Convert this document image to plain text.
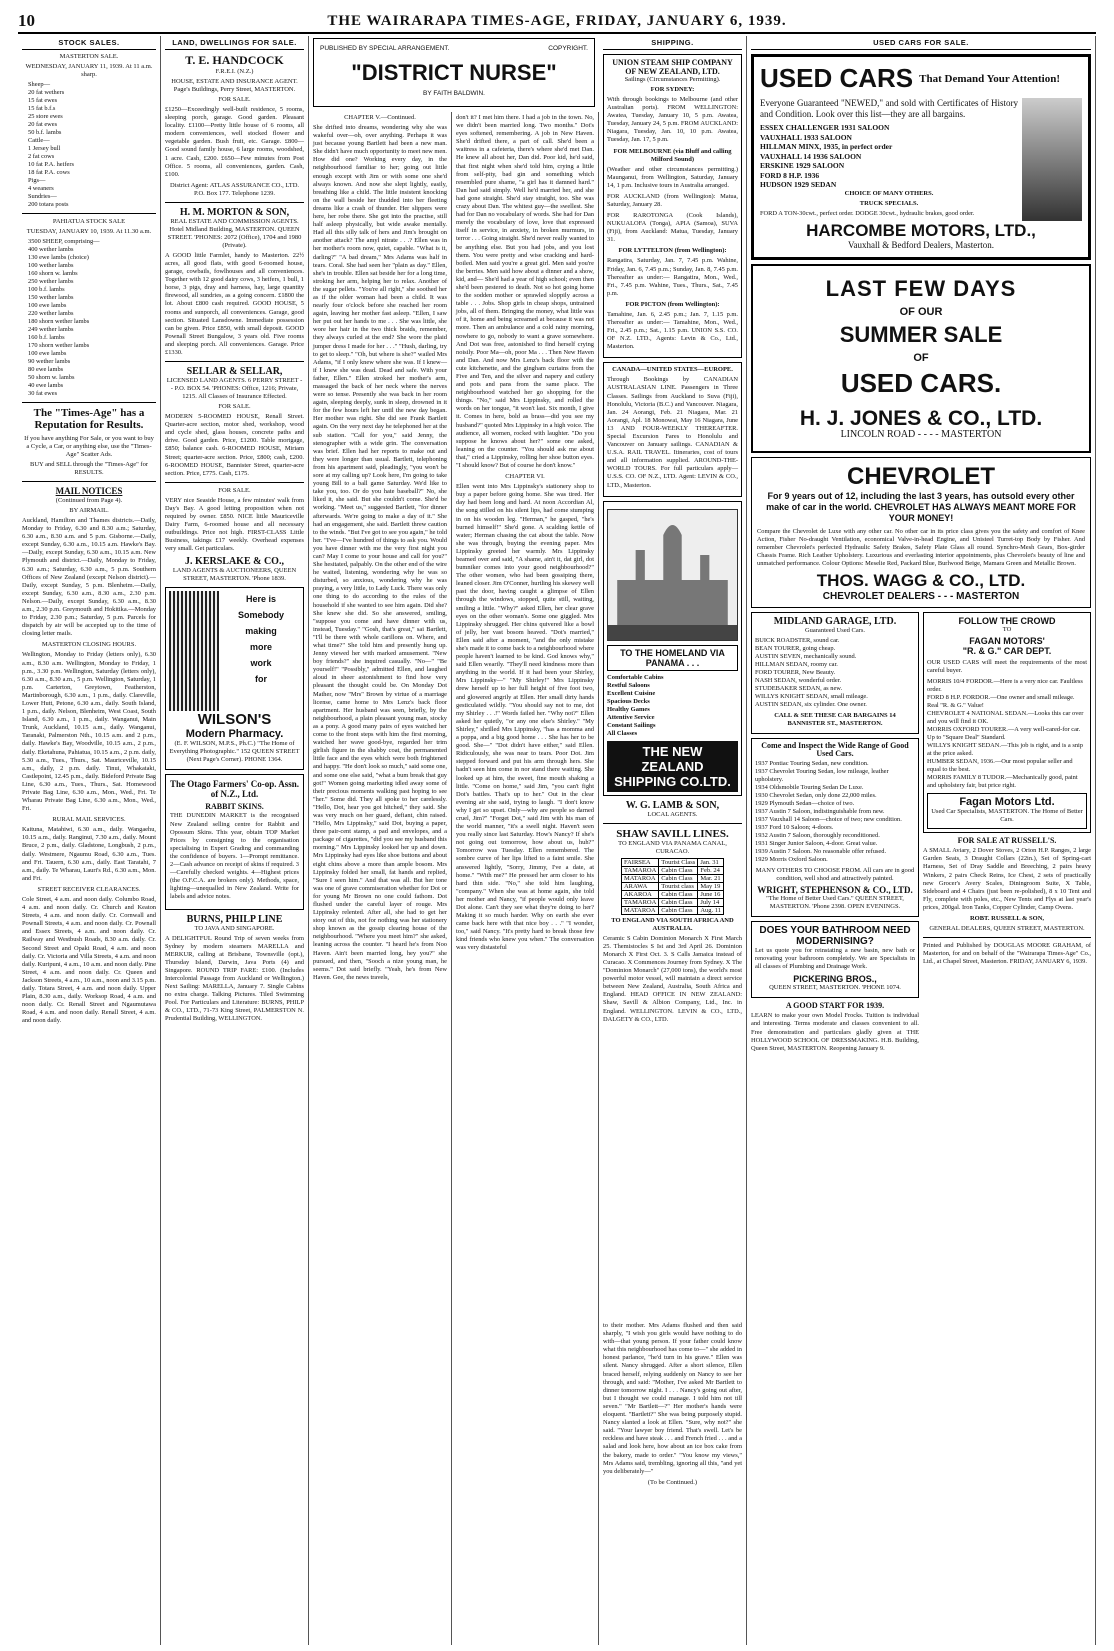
10	THE WAIRARAPA TIMES-AGE, FRIDAY, JANUARY 6, 1939.
STOCK SALES.
MASTERTON SALE.
WEDNESDAY, JANUARY 11, 1939. At 11 a.m. sharp.
Sheep—
20 fat wethers
15 fat ewes
15 fat b.f.s
25 store ewes
20 fat ewes
50 b.f. lambs
Cattle—
1 Jersey bull
2 fat cows
10 fat P.A. heifers
18 fat P.A. cows
Pigs—
4 weaners
Sundries—
200 totara posts
PAHIATUA STOCK SALE
TUESDAY, JANUARY 10, 1939. At 11.30 a.m.
3500 SHEEP, comprising—
400 wether lambs
130 ewe lambs (choice)
100 wether lambs
160 shorn w. lambs
250 wether lambs
100 b.f. lambs
150 wether lambs
100 ewe lambs
220 wether lambs
180 shorn wether lambs
249 wether lambs
160 b.f. lambs
170 shorn wether lambs
100 ewe lambs
90 wether lambs
80 ewe lambs
50 shorn w. lambs
40 ewe lambs
30 fat ewes
The "Times-Age" has a Reputation for Results.

If you have anything For Sale, or you want to buy a Cycle, a Car, or anything else, use the "Times-Age" Scatter Ads.

BUY and SELL through the "Times-Age" for RESULTS.

MAIL NOTICES
(Continued from Page 4).
BY AIRMAIL.

Auckland, Hamilton and Thames districts.—Daily, Monday to Friday, 6.30 and 8.30 a.m.; Saturday, 6.30 a.m., 8.30 a.m. and 5 p.m. Gisborne.—Daily, except Sunday, 6.30 a.m., 10.15 a.m. Hawke's Bay.—Daily, except Sunday, 6.30 a.m., 10.15 a.m. New Plymouth and district.—Daily, Monday to Friday, 6.30 a.m.; Saturday, 6.30 a.m., 5 p.m. Southern Offices of New Zealand (except Nelson district).—Daily, except Sunday, 5 p.m. Blenheim.—Daily, except Sunday, 6.30 a.m., 8.30 a.m., 2.30 p.m. Nelson.—Daily, except Sunday, 6.30 a.m., 8.30 a.m., 2.30 p.m. Greymouth and Hokitika.—Monday to Friday, 2.30 p.m.; Saturday, 5 p.m. Parcels for dispatch by air will be accepted up to the time of closing letter mails.

MASTERTON CLOSING HOURS.

Wellington, Monday to Friday (letters only), 6.30 a.m., 8.30 a.m. Wellington, Monday to Friday, 1 p.m., 3.30 p.m. Wellington, Saturday (letters only), 6.30 a.m., 8.30 a.m., 5 p.m. Wellington, Saturday, 1 p.m. Carterton, Greytown, Featherston, Martinborough, 6.30 a.m., 1 p.m., daily. Clareville, Lower Hutt, Petone, 6.30 a.m., daily. South Island, 1 p.m., daily. Nelson, Blenheim, West Coast, South Island, 6.30 a.m., 1 p.m., daily. Wanganui, Main Trunk, Auckland, 10.15 a.m., daily. Wanganui, Taranaki, Palmerston Nth., 10.15 a.m. and 2 p.m., daily. Hawke's Bay, Woodville, 10.15 a.m., 2 p.m., daily. Eketahuna, Pahiatua, 10.15 a.m., 2 p.m. daily, 5.30 a.m., Tues., Thurs., Sat. Mauriceville, 10.15 a.m., daily, 2 p.m. daily. Tinui, Whakataki, Castlepoint, 12.45 p.m., daily. Bideford Private Bag Line, 6.30 a.m., Tues., Thurs., Sat. Homewood Private Bag Line, 6.30 a.m., Mon., Wed., Fri. Te Wharau Private Bag Line, 6.30 a.m., Mon., Wed., Fri.

RURAL MAIL SERVICES.

Kaituna, Matahiwi, 6.30 a.m., daily. Wangaehu, 10.15 a.m., daily. Ranginui, 7.30 a.m., daily. Mount Bruce, 2 p.m., daily. Gladstone, Longbush, 2 p.m., daily. Westmere, Ngaumu Road, 6.30 a.m., Tues. and Fri. Tauern, 6.30 a.m., daily. East Taratahi, 7 a.m., daily. Te Wharau, Lauri's Rd., 6.30 a.m., Mon. and Fri.

STREET RECEIVER CLEARANCES.

Cole Street, 4 a.m. and noon daily. Columbo Road, 4 a.m. and noon daily. Cr. Church and Keaton Streets, 4 a.m. and noon daily. Cr. Cornwall and Pownall Streets, 4 a.m. and noon daily. Cr. Pownall and Essex Streets, 4 a.m. and noon daily. Cr. Railway and Westbush Roads, 8.30 a.m. daily. Cr. Second Street and Opaki Road, 4 a.m. and noon daily. Cr. Victoria and Villa Streets, 4 a.m. and noon daily. Kuripuni, 4 a.m., 10 a.m. and noon daily. Pine Street, 4 a.m. and noon daily. Cr. Queen and Jackson Streets, 4 a.m., 10 a.m., noon and 3.15 p.m. daily. Totara Street, 4 a.m. and noon daily. Upper Plain, 8.30 a.m., daily. Worksop Road, 4 a.m. and noon daily. Cr. Renall Street and Ngaumutawa Road, 4 a.m. and noon daily. Renall Street, 4 a.m. and noon daily.

LAND, DWELLINGS FOR SALE.
T. E. HANDCOCK
F.R.E.I. (N.Z.)
HOUSE, ESTATE AND INSURANCE AGENT. Page's Buildings, Perry Street, MASTERTON.
FOR SALE.

£1250—Exceedingly well-built residence, 5 rooms, sleeping porch, garage. Good garden. Pleasant locality. £1100—Pretty little house of 6 rooms, all modern conveniences, well stocked flower and vegetable garden. Bush fruit, etc. Garage. £800—Good sound family house, 6 large rooms, woodshed, 1 acre. Cash, £200. £650—Few minutes from Post Office. 5 rooms, all conveniences, garden. Cash, £100.

District Agent: ATLAS ASSURANCE CO., LTD. P.O. Box 177. Telephone 1239.
H. M. MORTON & SON,
REAL ESTATE AND COMMISSION AGENTS. Hotel Midland Building, MASTERTON. QUEEN STREET. 'PHONES: 2072 (Office), 1704 and 1980 (Private).

A GOOD little Farmlet, handy to Masterton. 22½ acres, all good flats, with good 6-roomed house, garage, cowbails, fowlhouses and all conveniences. Together with 12 good dairy cows, 3 heifers, 1 bull, 1 horse, 3 pigs, dray and harness, hay, large quantity firewood, all sundries, as a going concern. £1800 the lot. About £800 cash required. GOOD HOUSE, 5 rooms and sunporch, all conveniences. Garage, good section. Situated Lansdowne. Immediate possession can be given. Price £850, with small deposit. GOOD Pownall Street Bungalow, 3 years old. Five rooms and sleeping porch. All conveniences. Garage. Price £1330.

SELLAR & SELLAR,
LICENSED LAND AGENTS. 6 PERRY STREET - - P.O. BOX 54. 'PHONES: Office, 1216; Private, 1215. All Classes of Insurance Effected.
FOR SALE.

MODERN 5-ROOMED HOUSE, Renall Street. Quarter-acre section, motor shed, workshop, wood and cycle shed, glass houses, concrete paths and drive. Good garden. Price, £1200. Table mortgage, £850; balance cash. 6-ROOMED HOUSE, Miriam Street; quarter-acre section. Price, £800; cash, £200. 6-ROOMED HOUSE, Bannister Street, quarter-acre section. Price, £775. Cash, £175.

FOR SALE.

VERY nice Seaside House, a few minutes' walk from Day's Bay. A good letting proposition when not required by owner. £850. NICE little Mauriceville Dairy Farm, 6-roomed house and all necessary outbuildings. Price not high. FIRST-CLASS Little Business, takings £17 weekly. Overhead expenses very small. Get particulars.

J. KERSLAKE & CO.,
LAND AGENTS & AUCTIONEERS, QUEEN STREET, MASTERTON. 'Phone 1839.
Here is
Somebody
making
more
work
for
WILSON'S
Modern Pharmacy.
(E. F. WILSON, M.P.S., Ph.C.) "The Home of Everything Photographic." 152 QUEEN STREET (Next Page's Corner). PHONE 1364.
The Otago Farmers' Co-op. Assn. of N.Z., Ltd.
RABBIT SKINS.

THE DUNEDIN MARKET is the recognised New Zealand selling centre for Rabbit and Opossum Skins. This year, obtain TOP Market Prices by consigning to the organisation specialising in Expert Grading and commanding the confidence of buyers. 1—Prompt remittance. 2—Cash advance on receipt of skins if required. 3—Carefully checked weights. 4—Highest prices (the O.F.C.A. are brokers only). Methods, space, lighting—unequalled in New Zealand. Write for labels and advice notes.

BURNS, PHILP LINE
TO JAVA AND SINGAPORE.

A DELIGHTFUL Round Trip of seven weeks from Sydney by modern steamers MARELLA and MERKUR, calling at Brisbane, Townsville (opt.), Thursday Island, Darwin, Java Ports (4) and Singapore. ROUND TRIP FARE: £100. (Includes Intercolonial Passage from Auckland or Wellington.) Next Sailing: MARELLA, January 7. Single Cabins no extra charge. Talking Pictures. Tiled Swimming Pool. For Particulars and Literature: BURNS, PHILP & CO., LTD., 71-73 King Street, PALMERSTON N. Prudential Building, WELLINGTON.

PUBLISHED BY SPECIAL ARRANGEMENT.	COPYRIGHT.
"DISTRICT NURSE"
BY FAITH BALDWIN.
CHAPTER V.—Continued.

She drifted into dreams, wondering why she was wakeful over—oh, over anything. Perhaps it was just because young Bartlett had been a new man. She didn't have much opportunity to meet new men. How did one? Working every day, in the neighbourhood familiar to her; going out little enough except with Jim or with some one she'd always known. And now she slept lightly, easily, breathing like a child. The little insistent knocking on the wall beside her thudded into her fleeting dreams like a crash of thunder. Her slippers were here, her robe there. She got into the practise, still half asleep physically, but wide awake mentally. Had all this silly talk of hers and Jim's brought on another attack? The amyl nitrate . . .? Ellen was in her mother's room now, quiet, capable. "What is it, darling?" "A bad dream," Mrs Adams was half in tears. Coral. She had seen her "plain as day." Ellen, she's in trouble. Ellen sat beside her for a long time, stroking her arm, helping her to relax. Another of the sugar pellets. "You're all right," she soothed her as if the older woman had been a child. It was nearly four o'clock before she reached her room again, leaving her mother fast asleep. "Ellen, I saw her put out her hands to me . . . She was little, she wore her hair in the two thick braids, remember, they always curled at the end? She wore the plaid jumper dress I made for her . . ." "Hush, darling, try to get to sleep." "Oh, but where is she?" wailed Mrs Adams, "if I only knew where she was. If I knew—if I knew she was dead. Dead and safe. With your father, Ellen." Ellen stroked her mother's arm, massaged the back of her neck where the nerves were so tense. Presently she was back in her room again, sleeping deeply, sunk in sleep, drowned in it for the few hours left her until the new day began. Her mother was right. She did see Frank Bartlett again. On the very next day he telephoned her at the sub station. "Call for you," said Jenny, the stenographer with a wide grin. The conversation was brief. Ellen had her reports to make out and they were longer than usual. Bartlett, telephoning from his apartment said, pleadingly, "you won't be sore at my calling up? Look here, I'm going to take young Bill to a ball game Saturday. We'd like to take you, too. Or do you hate baseball?" No, she liked it, she said. But she couldn't come. She'd be working. "Meet us," suggested Bartlett, "for dinner afterwards. We're going to make a day of it." She had an engagement, she said. Bartlett threw caution to the winds. "But I've got to see you again," he told her. "I've—I've hundred of things to ask you. Would you have dinner with me the very first night you can? May I come to your house and call for you?" She hesitated, palpably. On the other end of the wire he waited, listening, wondering why he was so disturbed, so anxious, wondering why he was praying, a very little, to Lady Luck. There was only one thing to do according to the rules of the household if she wanted to see him again. Did she? She knew she did. So she answered, smiling, "suppose you come and have dinner with us, instead, Tuesday." "Gosh, that's great," sai Bartlett, "I'll be there with whole carillons on. Where, and what time?" She told him and presently hung up. Jenny viewed her with marked amusement. "New boy friends?" she inquired casually. "No—" "Be yourself!" "Possibly," admitted Ellen, and laughed aloud in sheer astonishment to find how very pleasant the thought could be. On Monday Dot Mather, now "Mrs" Brown by virtue of a marriage license, came home to Mrs Lenz's back floor apartment. Her husband was seen, briefly, by the neighbourhood, a plain pleasant young man, stocky as a pony. A good many pairs of eyes watched her come to the front steps with him the first morning, watched her wave good-bye, regarded her trim girlish figure in the shabby coat, the permanented little face and the eyes which were both frightened and happy. "He don't look so much," said some one, and some one else said, "what a bum break that guy got!" Women going marketing idled away some of their precious moments walking past hoping to see "her." Some did. They all spoke to her carelessly. "Hello, Dot, hear you got hitched," they said. She was very much on her guard, defiant, chin raised. "Hello, Mrs Lippinsky," said Dot, buying a paper, three pair-cent stamp, a pad and envelopes, and a package of cigarettes, "did you see my husband this morning." Mrs Lippinsky looked her up and down. Mrs Lippinsky had eyes like shoe buttons and about eight chins above a more than ample bosom. Mrs Lippinsky folded her small, fat hands and replied, "Sure I seen him." And that was all. But her tone was one of grave commiseration whether for Dot or for young Mr Brown no one could fathom. Dot flushed under the careful layer of rouge. Mrs Lippinsky relented. After all, she had to get her story out of this, not for nothing was her stationery shop known as the gossip clearing house of the neighbourhood. "Where you meet him?" she asked, leaning across the counter. "I heard he's from Noo Haven. Ain't been married long, hey you?" she pursued, and then, "Sooch a nize young man, he seems." Dot said briefly. "Yeah, he's from New Haven. Gee, the news travels,

don't it? I met him there. I had a job in the town. No, we didn't been married long. Two months." Dot's eyes softened, remembering. A job in New Haven. She'd drifted there, a part of call. She'd been a waitress in a cafeteria, there's where she'd met Dan. He knew all about her, Dan did. Poor kid, he'd said, that first night when she'd told him, crying a little from self-pity, bad gin and something which resembled pure shame, "a girl has it damned hard." Dan had said simply. Well he'd married her, and she had gone straight. She'd stay straight, too. She was crazy about Dan. The whitest guy—the swellest. She had for Dan no vocabulary of words. She had for Dan merely the vocabulary of love, love that expressed itself in service, in anxiety, in broken murmurs, in terror . . . Going straight. She'd never really wanted to be anything else. But you had jobs, and you lost them. You were pretty and wise cracking and hard-boiled. Men said you're a great girl. Men said you're the berries. Men said how about a dinner and a show, kid, and— She'd had a year of high school; even then she'd been pestered to death. Not so hot going home to the sodden mother or sprawled sloppily across a table . . . Jobs. Shop girls in cheap shops, untrained jobs, all of them. Bringing the money, what little was of it, home and being screamed at because it was not more. Then an ambulance and a cold rainy morning, nowhere to go, nobody to want a grave somewhere. And Dot was free, astonished to find herself crying noisily. Poor Ma—oh, poor Ma . . . Then New Haven and Dan. And now Mrs Lenz's back floor with the cute kitchenette, and the gingham curtains from the Five and Ten, and the silver and napery and cutlery and pots and pans from the same place. The neighbourhood watched her go shopping for the things. "No," said Mrs Lippinsky, and rolled the words on her tongue, "it won't last. Six month, I give it. Comes in here, bold as brass—did you see my husband?" quoted Mrs Lippinsky in a high voice. The audience, all women, rocked with laughter. "Do you suppose he knows about her?" some one asked, leaning on the counter. "You should ask me about that," cried a Lippinsky, rolling her shoe button eyes. "I should know? But of course he don't know."

CHAPTER VI.

Ellen went into Mrs Lippinsky's stationery shop to buy a paper before going home. She was tired. Her day had been long and hard. At noon Accordian Al, the song stilled on his silent lips, had come stumping in on his wooden leg. "Herman," he gasped, "he's burned himself!" She'd gone. A scalding kettle of water; Herman chasing the cat about the table. Now she was through, buying the evening paper. Mrs Lippinsky greeted her warmly. Mrs Lippinsky beamed over and said, "A shame, ain't it, dat girl, dot bumniker comes into your good neighbourhood?" The other women, who had been gossiping there, leaned closer. Jim O'Conner, hurtling his skewey well past the door, having caught a glimpse of Ellen through the windows, stopped, quite still, waiting, smiling a little. "Why?" asked Ellen, her clear grave eyes on the other woman's. Some one giggled. Mrs Lippinsky shrugged. Her chins quivered like a bowl of jelly, her vast bosom heaved. "Dot's married," Ellen said after a moment, "and the only mistake she's made it to come back to a neighbourhood where people haven't learned to be kind. God knows why," said Ellen wearily. "They'll need kindness more than anything in the world. If it had been your Shirley, Mrs Lippinsky—" "My Shirley!" Mrs Lippinsky drew herself up to her full height of five foot two, and glowered angrily at Ellen. Her small dirty hands gesticulated wildly. "You should say not to me, dot my Shirley . . .!" Words failed her. "Why not?" Ellen asked her quietly, "or any one else's Shirley." "My Shirley," shrilled Mrs Lippinsky, "has a momma and a poppa, and a big good home . . . She has her to be good. She—" "Dot didn't have either," said Ellen. Ridiculously, she was near to tears. Poor Dot. Jim stepped forward and put his arm through hers. She hadn't seen him come in nor stand there waiting. She looked up at him, the sweet, fine mouth shaking a little. "Come on home," said Jim, "you can't fight Dot's battles. That's up to her." Out in the clear evening air she said, trying to laugh. "I don't know why I get so upset. Only—why are people so darned cruel, Jim?" "Forget Dot," said Jim with his man of the world manner, "it's a swell night. Haven't seen you really since last Saturday. How's Nancy? If she's not going out tomorrow, how about us, huh?" Tomorrow was Tuesday. Ellen remembered. The sombre curve of her lips lifted to a faint smile. She answered lightly, "Sorry, Jimmy, I've a date, at home." "With me?" He pressed her arm closer to his hard thin side. "No," she told him laughing, "company." When she was at home again, she told her mother and Nancy, "if people would only leave Dot alone. Can't they see what they're doing to her? Making it so much harder. Why on earth she ever came back here with that nice boy . . ." "I wonder, too," said Nancy. "It's pretty hard to break those few kind friends who knew you when." The conversation was very distasteful

SHIPPING.
UNION STEAM SHIP COMPANY OF NEW ZEALAND, LTD.
Sailings (Circumstances Permitting).
FOR SYDNEY:

With through bookings to Melbourne (and other Australian ports). FROM WELLINGTON: Awatea, Tuesday, January 10, 5 p.m. Awatea, Tuesday, January 24, 5 p.m. FROM AUCKLAND: Niagara, Tuesday, Jan. 10, 10 p.m. Awatea, Tuesday, Jan. 17, 5 p.m.

FOR MELBOURNE (via Bluff and calling Milford Sound)

(Weather and other circumstances permitting.) Maunganui, from Wellington, Saturday, January 14, 1 p.m. Inclusive tours in Australia arranged.

FOR AUCKLAND (from Wellington): Matua, Saturday, January 28.

FOR RAROTONGA (Cook Islands), NUKUALOFA (Tonga), APIA (Samoa), SUVA (Fiji), from Auckland: Matua, Tuesday, January 31.

FOR LYTTELTON (from Wellington):

Rangatira, Saturday, Jan. 7, 7.45 p.m. Wahine, Friday, Jan. 6, 7.45 p.m.; Sunday, Jan. 8, 7.45 p.m. Thereafter as under:— Rangatira, Mon., Wed., Fri., 7.45 p.m. Wahine, Tues., Thurs., Sat., 7.45 p.m.

FOR PICTON (from Wellington):

Tamahine, Jan. 6, 2.45 p.m.; Jan. 7, 1.15 p.m. Thereafter as under:— Tamahine, Mon., Wed., Fri., 2.45 p.m.; Sat., 1.15 p.m. UNION S.S. CO. OF N.Z. LTD., Agents: Levin & Co., Ltd., Masterton.

CANADA—UNITED STATES—EUROPE.

Through Bookings by CANADIAN AUSTRALASIAN LINE. Passengers in Three Classes. Sailings from Auckland to Suva (Fiji), Honolulu, Victoria (B.C.) and Vancouver. Niagara, Jan. 24 Aorangi, Feb. 21 Niagara, Mar. 21 Aorangi, Apl. 18 Monowai, May 16 Niagara, June 13 AND FOUR-WEEKLY THEREAFTER. Special Excursion Fares to Honolulu and Vancouver on January sailings. CANADIAN & U.S.A. RAIL TRAVEL. Itineraries, cost of tours and all information supplied. AROUND-THE-WORLD TOURS. For full particulars apply— U.S.S. CO. OF N.Z., LTD. Agent: LEVIN & CO., LTD., Masterton.

TO THE HOMELAND VIA PANAMA . . .
Comfortable Cabins
Restful Saloons
Excellent Cuisine
Spacious Decks
Healthy Games
Attentive Service
Constant Sailings
All Classes
THE NEW ZEALAND SHIPPING CO.LTD.
W. G. LAMB & SON,
LOCAL AGENTS.
SHAW SAVILL LINES.
TO ENGLAND VIA PANAMA CANAL, CURACAO.
FAIRSEA	Tourist Class	Jan. 31
TAMAROA	Cabin Class	Feb. 24
MATAROA	Cabin Class	Mar. 21
ARAWA	Tourist class	May 19
AKAROA	Cabin Class	June 16
TAMAROA	Cabin Class	July 14
MATAROA	Cabin Class	Aug. 11
TO ENGLAND VIA SOUTH AFRICA AND AUSTRALIA.

Ceramic S Cabin Dominion Monarch X First March 25. Themistocles S Ist and 3rd April 26. Dominion Monarch X First Oct. 3. S Calls Jamaica instead of Curacao. X Commences Journey from Sydney. X The "Dominion Monarch" (27,000 tons), the world's most powerful motor vessel, will maintain a direct service between New Zealand, Australia, South Africa and England. HEAD OFFICE IN NEW ZEALAND: Shaw, Savill & Albion Company, Ltd., Inc. in England. WELLINGTON. LEVIN & CO., LTD., DALGETY & CO., LTD.

to their mother. Mrs Adams flushed and then said sharply, "I wish you girls would have nothing to do with—that young person. If your father could know what this neighbourhood has come to—" she added in honest parlance, "he'd turn in his grave." Ellen was silent. Nancy shrugged. After a short silence, Ellen braced herself, relying suddenly on Nancy to see her through, and said: "Mother, I've asked Mr Bartlett to dinner tomorrow night. I . . . Nancy's going out after, but I thought we could manage. I told him not till seven." "Mr Bartlett—?" Her mother's hands were eloquent. "Bartlett?" She was being purposely stupid. Nancy slanted a look at Ellen. "Sure, why not?" she said. "Your lawyer boy friend. That's swell. Let's be reckless and have steak . . . and French fried . . . and a salad and look here, how about an ice box cake from the bakery, made to order." "You know my views," Mrs Adams said, trembling, ignoring all this, "and yet you deliberately—"

(To be Continued.)
USED CARS FOR SALE.
USED CARS That Demand Your Attention!

Everyone Guaranteed "NEWED," and sold with Certificates of History and Condition. Look over this list—they are all bargains.

ESSEX CHALLENGER 1931 SALOON
VAUXHALL 1933 SALOON
HILLMAN MINX, 1935, in perfect order
VAUXHALL 14 1936 SALOON
ERSKINE 1929 SALOON
FORD 8 H.P. 1936
HUDSON 1929 SEDAN
CHOICE OF MANY OTHERS.
TRUCK SPECIALS.

FORD A TON-30cwt., perfect order. DODGE 30cwt., hydraulic brakes, good order.

HARCOMBE MOTORS, LTD.,
Vauxhall & Bedford Dealers, Masterton.
LAST FEW DAYS
OF OUR
SUMMER SALE
OF
USED CARS.
H. J. JONES & CO., LTD.
LINCOLN ROAD - - - - MASTERTON
CHEVROLET
For 9 years out of 12, including the last 3 years, has outsold every other make of car in the world. CHEVROLET HAS ALWAYS MEANT MORE FOR YOUR MONEY!

Compare the Chevrolet de Luxe with any other car. No other car in its price class gives you the safety and comfort of Knee Action, Fisher No-draught Ventilation, economical Valve-in-head Engine, and Unisteel Turret-top Body by Fisher. And remember Chevrolet's perfected Hydraulic Safety Brakes, Safety Plate Glass all round. Synchro-Mesh Gears, Box-girder Chassis Frame. Rich Leather Upholstery. Luxurious and everlasting interior appointments, plus Chevrolet's beauty of line and unmatched performance. Colour Options: Meselie Red, Packard Blue, Burlwood Beige, Mamara Green and Metallic Brown.

THOS. WAGG & CO., LTD.
CHEVROLET DEALERS - - - MASTERTON
MIDLAND GARAGE, LTD.
Guaranteed Used Cars.
BUICK ROADSTER, sound car.
BEAN TOURER, going cheap.
AUSTIN SEVEN, mechanically sound.
HILLMAN SEDAN, roomy car.
FORD TOURER, New Beauty.
NASH SEDAN, wonderful order.
STUDEBAKER SEDAN, as new.
WILLYS KNIGHT SEDAN, small mileage.
AUSTIN SEDAN, six cylinder. One owner.
CALL & SEE THESE CAR BARGAINS 14 BANNISTER ST., MASTERTON.
Come and Inspect the Wide Range of Good Used Cars.
1937 Pontiac Touring Sedan, new condition.
1937 Chevrolet Touring Sedan, low mileage, leather upholstery.
1934 Oldsmobile Touring Sedan De Luxe.
1930 Chevrolet Sedan, only done 22,000 miles.
1929 Plymouth Sedan—choice of two.
1937 Austin 7 Saloon, indistinguishable from new.
1937 Vauxhall 14 Saloon—choice of two; new condition.
1937 Ford 10 Saloon; 4-doors.
1932 Austin 7 Saloon, thoroughly reconditioned.
1931 Singer Junior Saloon, 4-door. Great value.
1939 Austin 7 Saloon. No reasonable offer refused.
1929 Morris Oxford Saloon.
MANY OTHERS TO CHOOSE FROM. All cars are in good condition, well shod and attractively painted.
WRIGHT, STEPHENSON & CO., LTD.
"The Home of Better Used Cars." QUEEN STREET, MASTERTON. 'Phone 2398. OPEN EVENINGS.
DOES YOUR BATHROOM NEED MODERNISING?

Let us quote you for reinstating a new basin, new bath or renovating your bathroom completely. We are Specialists in all classes of Plumbing and Drainage Work.

PICKERING BROS.,
QUEEN STREET, MASTERTON. 'PHONE 1074.
A GOOD START FOR 1939.

LEARN to make your own Model Frocks. Tuition is individual and interesting. Terms moderate and classes convenient to all. Free demonstration and particulars gladly given at THE HOLLYWOOD SCHOOL OF DRESSMAKING. H.B. Building, Queen Street, MASTERTON. Reopening January 9.

FOLLOW THE CROWD
TO
FAGAN MOTORS'
"R. & G." CAR DEPT.

OUR USED CARS will meet the requirements of the most careful buyer.

MORRIS 10/4 FORDOR.—Here is a very nice car. Faultless order.
FORD 8 H.P. FORDOR.—One owner and small mileage. Real "R. & G." Value!
CHEVROLET 4 NATIONAL SEDAN.—Looks this car over and you will find it OK.
MORRIS OXFORD TOURER.—A very well-cared-for car. Up to "Square Deal" Standard.
WILLYS KNIGHT SEDAN.—This job is right, and is a snip at the price asked.
HUMBER SEDAN, 1936.—Our most popular seller and equal to the best.
MORRIS FAMILY 8 TUDOR.—Mechanically good, paint and upholstery fair, but price right.
Fagan Motors Ltd.
Used Car Specialists, MASTERTON. The Home of Better Cars.
FOR SALE AT RUSSELL'S.

A SMALL Aviary, 2 Dover Stoves, 2 Orion H.P. Ranges, 2 large Garden Seats, 3 Draught Collars (22in.), Set of Spring-cart Harness, Set of Dray Saddle and Breeching, 2 pairs heavy Winkers, 2 pairs Check Reins, Ice Chest, 2 sets of practically new Grocer's Avery Scales, Diningroom Suite, X Table, Sideboard and 4 Chairs (just been re-polished), 8 x 10 Tent and Fly, complete with poles, etc., New Tents and Flys at last year's prices, 200gal. Iron Tanks, Copper Cylinder, Camp Ovens.

ROBT. RUSSELL & SON,
GENERAL DEALERS, QUEEN STREET, MASTERTON.

Printed and Published by DOUGLAS MOORE GRAHAM, of Masterton, for and on behalf of the "Wairarapa Times-Age" Co., Ltd., at Chapel Street, Masterton. FRIDAY, JANUARY 6, 1939.
